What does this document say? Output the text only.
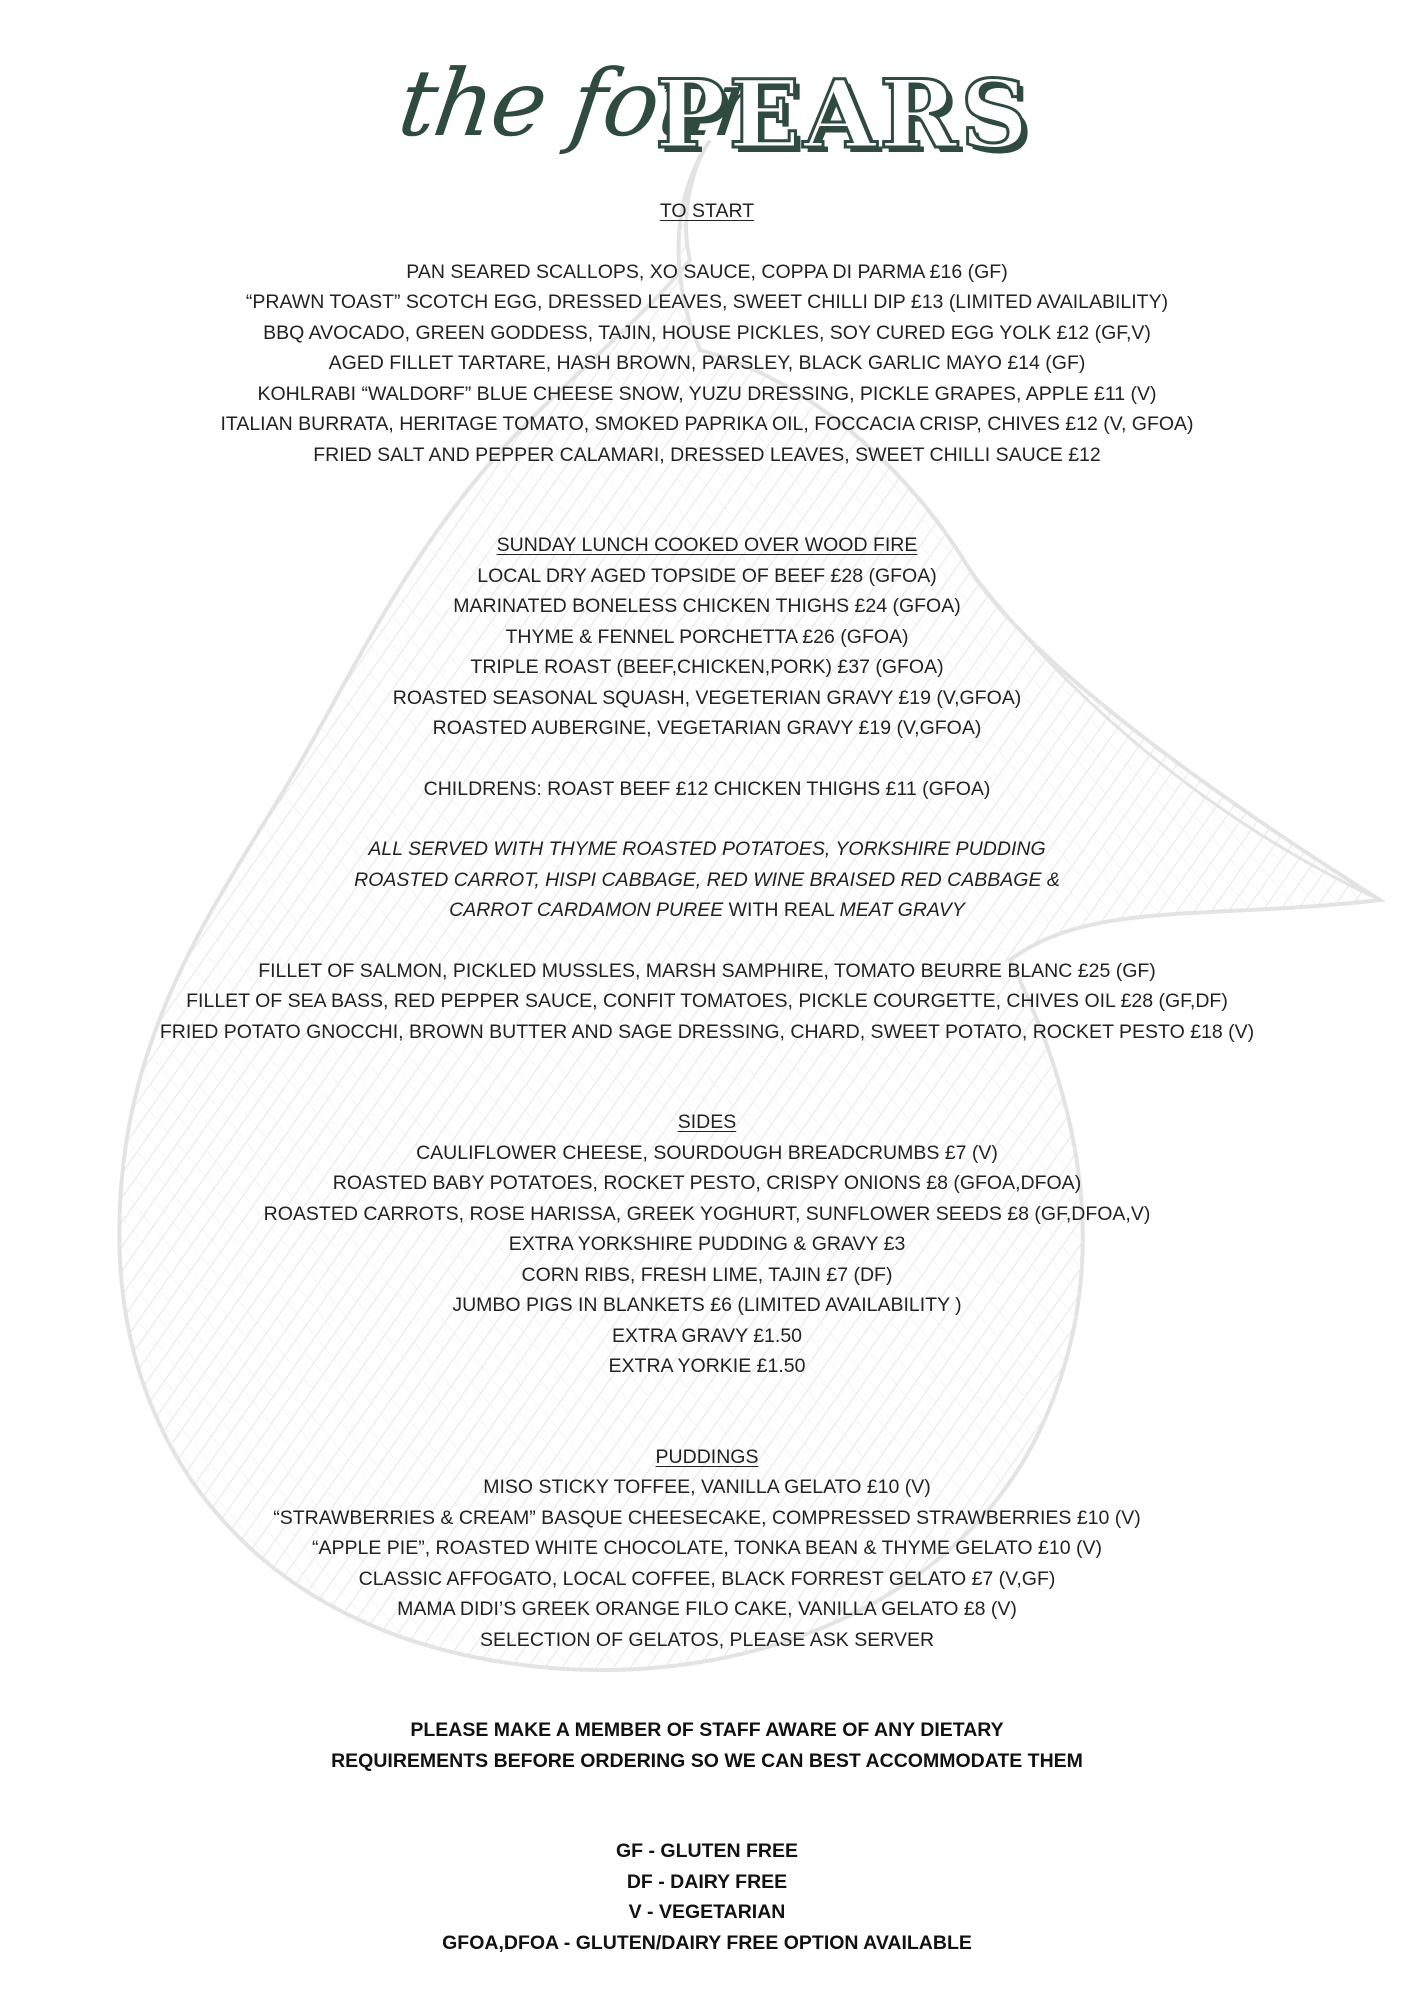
the four
PEARS
TO START
PAN SEARED SCALLOPS, XO SAUCE, COPPA DI PARMA £16 (GF)
“PRAWN TOAST” SCOTCH EGG, DRESSED LEAVES, SWEET CHILLI DIP £13 (LIMITED AVAILABILITY)
BBQ AVOCADO, GREEN GODDESS, TAJIN, HOUSE PICKLES, SOY CURED EGG YOLK £12 (GF,V)
AGED FILLET TARTARE, HASH BROWN, PARSLEY, BLACK GARLIC MAYO £14 (GF)
KOHLRABI “WALDORF” BLUE CHEESE SNOW, YUZU DRESSING, PICKLE GRAPES, APPLE £11 (V)
ITALIAN BURRATA, HERITAGE TOMATO, SMOKED PAPRIKA OIL, FOCCACIA CRISP, CHIVES £12 (V, GFOA)
FRIED SALT AND PEPPER CALAMARI, DRESSED LEAVES, SWEET CHILLI SAUCE £12
SUNDAY LUNCH COOKED OVER WOOD FIRE
LOCAL DRY AGED TOPSIDE OF BEEF £28 (GFOA)
MARINATED BONELESS CHICKEN THIGHS £24 (GFOA)
THYME & FENNEL PORCHETTA £26 (GFOA)
TRIPLE ROAST (BEEF,CHICKEN,PORK) £37 (GFOA)
ROASTED SEASONAL SQUASH, VEGETERIAN GRAVY £19 (V,GFOA)
ROASTED AUBERGINE, VEGETARIAN GRAVY £19 (V,GFOA)
CHILDRENS: ROAST BEEF £12 CHICKEN THIGHS £11 (GFOA)
ALL SERVED WITH THYME ROASTED POTATOES, YORKSHIRE PUDDING
ROASTED CARROT, HISPI CABBAGE, RED WINE BRAISED RED CABBAGE &
CARROT CARDAMON PUREE WITH REAL MEAT GRAVY
FILLET OF SALMON, PICKLED MUSSLES, MARSH SAMPHIRE, TOMATO BEURRE BLANC £25 (GF)
FILLET OF SEA BASS, RED PEPPER SAUCE, CONFIT TOMATOES, PICKLE COURGETTE, CHIVES OIL £28 (GF,DF)
FRIED POTATO GNOCCHI, BROWN BUTTER AND SAGE DRESSING, CHARD, SWEET POTATO, ROCKET PESTO £18 (V)
SIDES
CAULIFLOWER CHEESE, SOURDOUGH BREADCRUMBS £7 (V)
ROASTED BABY POTATOES, ROCKET PESTO, CRISPY ONIONS £8 (GFOA,DFOA)
ROASTED CARROTS, ROSE HARISSA, GREEK YOGHURT, SUNFLOWER SEEDS £8 (GF,DFOA,V)
EXTRA YORKSHIRE PUDDING & GRAVY £3
CORN RIBS, FRESH LIME, TAJIN £7 (DF)
JUMBO PIGS IN BLANKETS £6 (LIMITED AVAILABILITY )
EXTRA GRAVY £1.50
EXTRA YORKIE £1.50
PUDDINGS
MISO STICKY TOFFEE, VANILLA GELATO £10 (V)
“STRAWBERRIES & CREAM” BASQUE CHEESECAKE, COMPRESSED STRAWBERRIES £10 (V)
“APPLE PIE”, ROASTED WHITE CHOCOLATE, TONKA BEAN & THYME GELATO £10 (V)
CLASSIC AFFOGATO, LOCAL COFFEE, BLACK FORREST GELATO £7 (V,GF)
MAMA DIDI’S GREEK ORANGE FILO CAKE, VANILLA GELATO £8 (V)
SELECTION OF GELATOS, PLEASE ASK SERVER
PLEASE MAKE A MEMBER OF STAFF AWARE OF ANY DIETARY
REQUIREMENTS BEFORE ORDERING SO WE CAN BEST ACCOMMODATE THEM
GF - GLUTEN FREE
DF - DAIRY FREE
V - VEGETARIAN
GFOA,DFOA - GLUTEN/DAIRY FREE OPTION AVAILABLE
